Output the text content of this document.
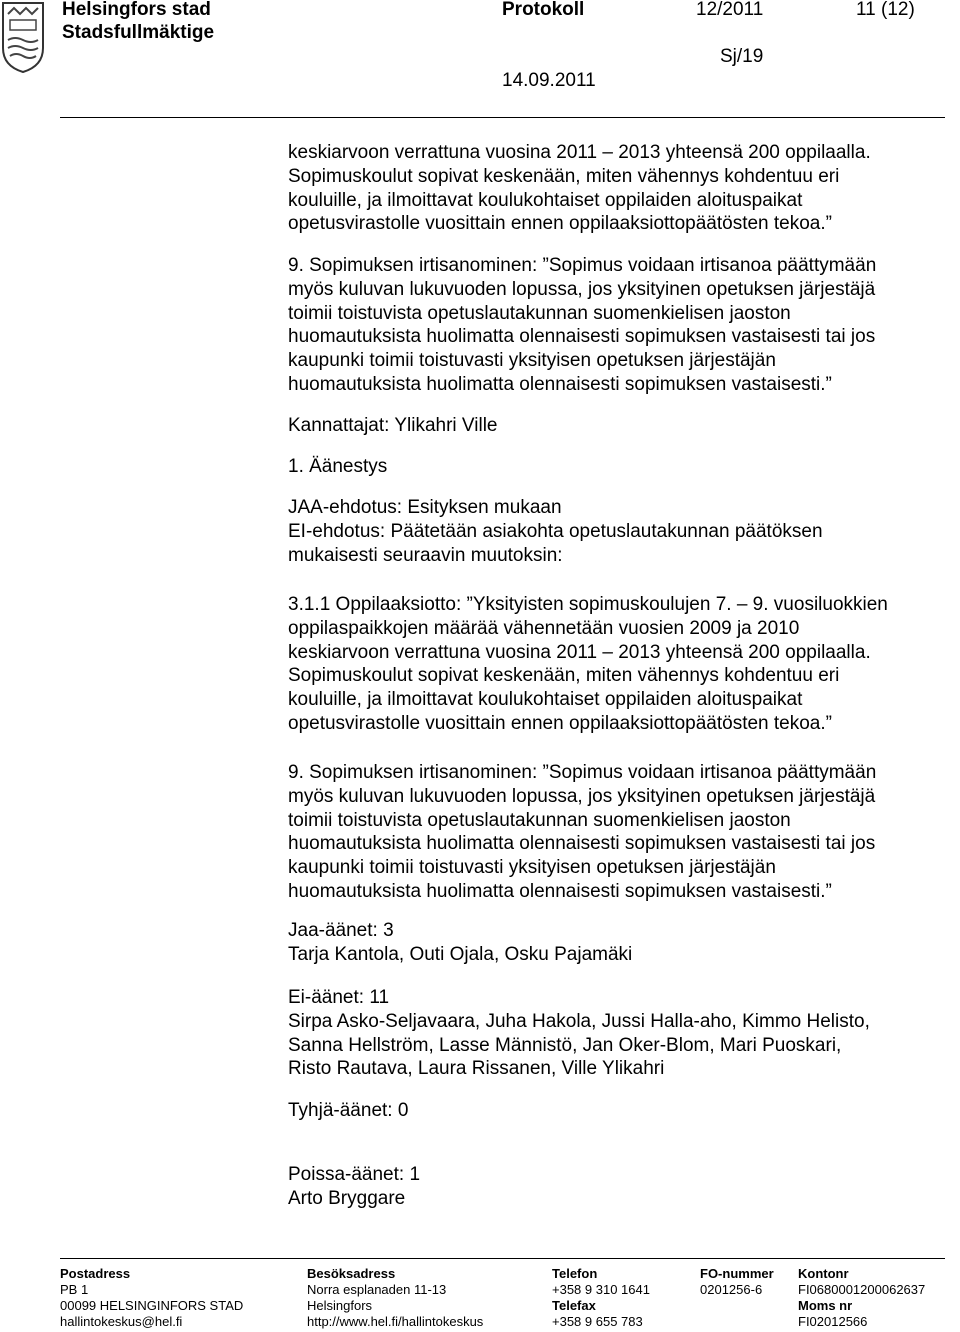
Helsingfors stad
Stadsfullmäktige
Protokoll	12/2011	11 (12)
Sj/19
14.09.2011
keskiarvoon verrattuna vuosina 2011 – 2013 yhteensä 200 oppilaalla.
Sopimuskoulut sopivat keskenään, miten vähennys kohdentuu eri
kouluille, ja ilmoittavat koulukohtaiset oppilaiden aloituspaikat
opetusvirastolle vuosittain ennen oppilaaksiottopäätösten tekoa.”
9. Sopimuksen irtisanominen: ”Sopimus voidaan irtisanoa päättymään
myös kuluvan lukuvuoden lopussa, jos yksityinen opetuksen järjestäjä
toimii toistuvista opetuslautakunnan suomenkielisen jaoston
huomautuksista huolimatta olennaisesti sopimuksen vastaisesti tai jos
kaupunki toimii toistuvasti yksityisen opetuksen järjestäjän
huomautuksista huolimatta olennaisesti sopimuksen vastaisesti.”
Kannattajat: Ylikahri Ville
1. Äänestys
JAA-ehdotus: Esityksen mukaan
EI-ehdotus: Päätetään asiakohta opetuslautakunnan päätöksen
mukaisesti seuraavin muutoksin:
3.1.1 Oppilaaksiotto: ”Yksityisten sopimuskoulujen 7. – 9. vuosiluokkien
oppilaspaikkojen määrää vähennetään vuosien 2009 ja 2010
keskiarvoon verrattuna vuosina 2011 – 2013 yhteensä 200 oppilaalla.
Sopimuskoulut sopivat keskenään, miten vähennys kohdentuu eri
kouluille, ja ilmoittavat koulukohtaiset oppilaiden aloituspaikat
opetusvirastolle vuosittain ennen oppilaaksiottopäätösten tekoa.”
9. Sopimuksen irtisanominen: ”Sopimus voidaan irtisanoa päättymään
myös kuluvan lukuvuoden lopussa, jos yksityinen opetuksen järjestäjä
toimii toistuvista opetuslautakunnan suomenkielisen jaoston
huomautuksista huolimatta olennaisesti sopimuksen vastaisesti tai jos
kaupunki toimii toistuvasti yksityisen opetuksen järjestäjän
huomautuksista huolimatta olennaisesti sopimuksen vastaisesti.”
Jaa-äänet: 3
Tarja Kantola, Outi Ojala, Osku Pajamäki
Ei-äänet: 11
Sirpa Asko-Seljavaara, Juha Hakola, Jussi Halla-aho, Kimmo Helisto,
Sanna Hellström, Lasse Männistö, Jan Oker-Blom, Mari Puoskari,
Risto Rautava, Laura Rissanen, Ville Ylikahri
Tyhjä-äänet: 0
Poissa-äänet: 1
Arto Bryggare
Postadress
PB 1
00099 HELSINGINFORS STAD
hallintokeskus@hel.fi
Besöksadress
Norra esplanaden 11-13
Helsingfors
http://www.hel.fi/hallintokeskus
Telefon
+358 9 310 1641
Telefax
+358 9 655 783
FO-nummer
0201256-6
Kontonr
FI0680001200062637
Moms nr
FI02012566
